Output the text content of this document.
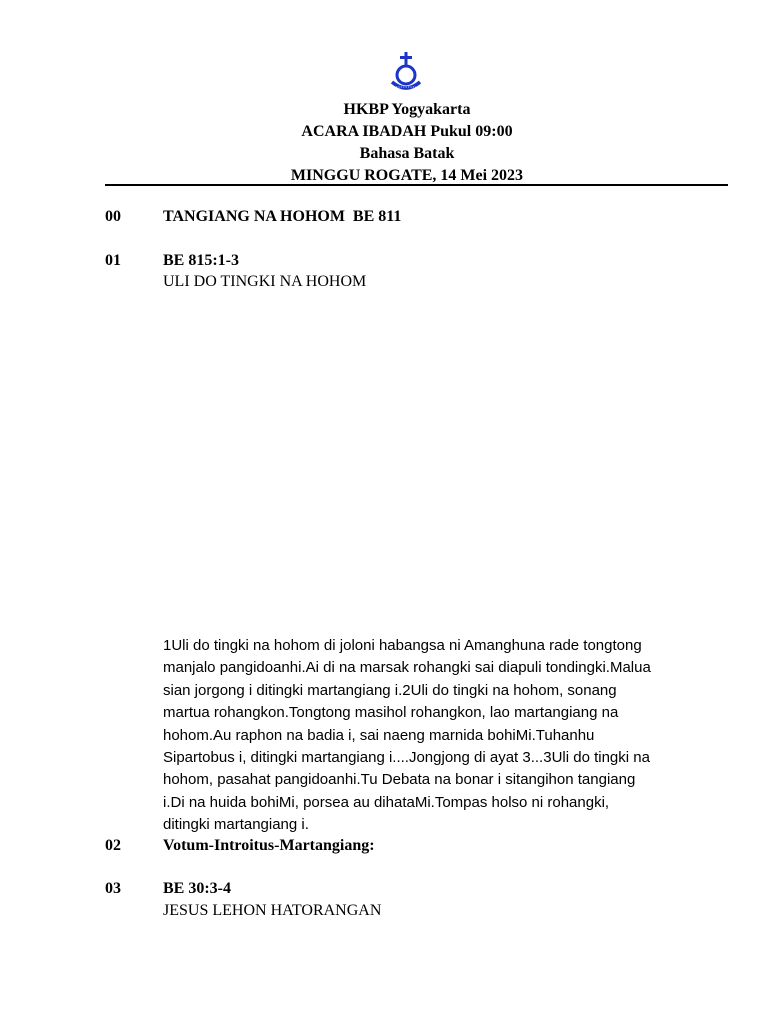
HKBP Yogyakarta
ACARA IBADAH Pukul 09:00
Bahasa Batak
MINGGU ROGATE, 14 Mei 2023
00	TANGIANG NA HOHOM  BE 811
01	BE 815:1-3
ULI DO TINGKI NA HOHOM
1Uli do tingki na hohom di joloni habangsa ni Amanghuna rade tongtong
manjalo pangidoanhi.Ai di na marsak rohangki sai diapuli tondingki.Malua
sian jorgong i ditingki martangiang i.2Uli do tingki na hohom, sonang
martua rohangkon.Tongtong masihol rohangkon, lao martangiang na
hohom.Au raphon na badia i, sai naeng marnida bohiMi.Tuhanhu
Sipartobus i, ditingki martangiang i....Jongjong di ayat 3...3Uli do tingki na
hohom, pasahat pangidoanhi.Tu Debata na bonar i sitangihon tangiang
i.Di na huida bohiMi, porsea au dihataMi.Tompas holso ni rohangki,
ditingki martangiang i.
02	Votum-Introitus-Martangiang:
03	BE 30:3-4
JESUS LEHON HATORANGAN
